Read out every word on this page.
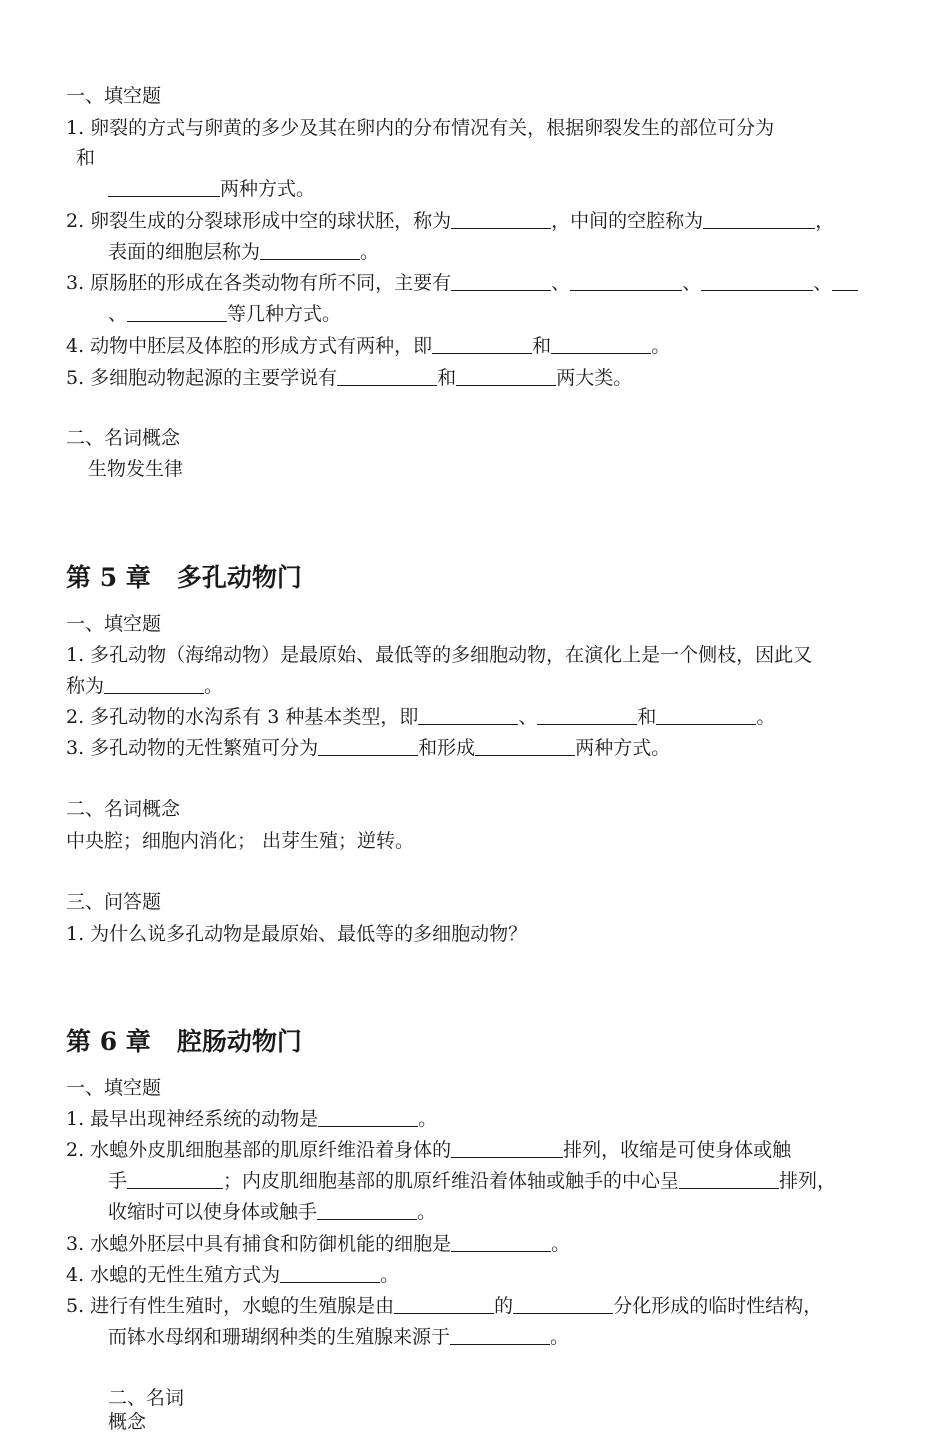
一、填空题
1. 卵裂的方式与卵黄的多少及其在卵内的分布情况有关，根据卵裂发生的部位可分为
和
两种方式。
2. 卵裂生成的分裂球形成中空的球状胚，称为	，中间的空腔称为	，
表面的细胞层称为	。
3. 原肠胚的形成在各类动物有所不同，主要有	、	、	、
、	等几种方式。
4. 动物中胚层及体腔的形成方式有两种，即	和	。
5. 多细胞动物起源的主要学说有	和	两大类。
二、名词概念
生物发生律
第 5 章 多孔动物门
一、填空题
1. 多孔动物（海绵动物）是最原始、最低等的多细胞动物，在演化上是一个侧枝，因此又
称为	。
2. 多孔动物的水沟系有 3 种基本类型，即	、	和	。
3. 多孔动物的无性繁殖可分为	和形成	两种方式。
二、名词概念
中央腔；细胞内消化； 出芽生殖；逆转。
三、问答题
1. 为什么说多孔动物是最原始、最低等的多细胞动物？
第 6 章 腔肠动物门
一、填空题
1. 最早出现神经系统的动物是	。
2. 水螅外皮肌细胞基部的肌原纤维沿着身体的	排列，收缩是可使身体或触
手	；内皮肌细胞基部的肌原纤维沿着体轴或触手的中心呈	排列，
收缩时可以使身体或触手	。
3. 水螅外胚层中具有捕食和防御机能的细胞是	。
4. 水螅的无性生殖方式为	。
5. 进行有性生殖时，水螅的生殖腺是由	的	分化形成的临时性结构，
而钵水母纲和珊瑚纲种类的生殖腺来源于	。
二、名词概念
